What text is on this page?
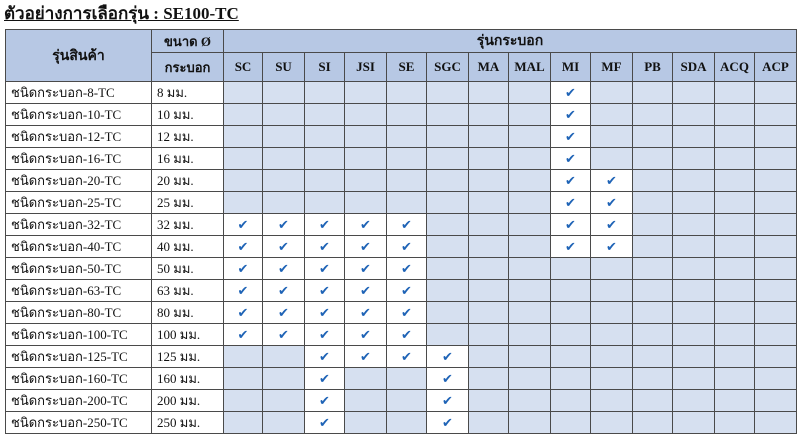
ตัวอย่างการเลือกรุ่น : SE100-TC
รุ่นสินค้า	ขนาด Ø	รุ่นกระบอก													
	กระบอก	SC	SU	SI	JSI	SE	SGC	MA	MAL	MI	MF	PB	SDA	ACQ	ACP
ชนิดกระบอก-8-TC	8 มม.									✔					
ชนิดกระบอก-10-TC	10 มม.									✔					
ชนิดกระบอก-12-TC	12 มม.									✔					
ชนิดกระบอก-16-TC	16 มม.									✔					
ชนิดกระบอก-20-TC	20 มม.									✔	✔				
ชนิดกระบอก-25-TC	25 มม.									✔	✔				
ชนิดกระบอก-32-TC	32 มม.	✔	✔	✔	✔	✔				✔	✔				
ชนิดกระบอก-40-TC	40 มม.	✔	✔	✔	✔	✔				✔	✔				
ชนิดกระบอก-50-TC	50 มม.	✔	✔	✔	✔	✔									
ชนิดกระบอก-63-TC	63 มม.	✔	✔	✔	✔	✔									
ชนิดกระบอก-80-TC	80 มม.	✔	✔	✔	✔	✔									
ชนิดกระบอก-100-TC	100 มม.	✔	✔	✔	✔	✔									
ชนิดกระบอก-125-TC	125 มม.			✔	✔	✔	✔								
ชนิดกระบอก-160-TC	160 มม.			✔			✔								
ชนิดกระบอก-200-TC	200 มม.			✔			✔								
ชนิดกระบอก-250-TC	250 มม.			✔			✔								
